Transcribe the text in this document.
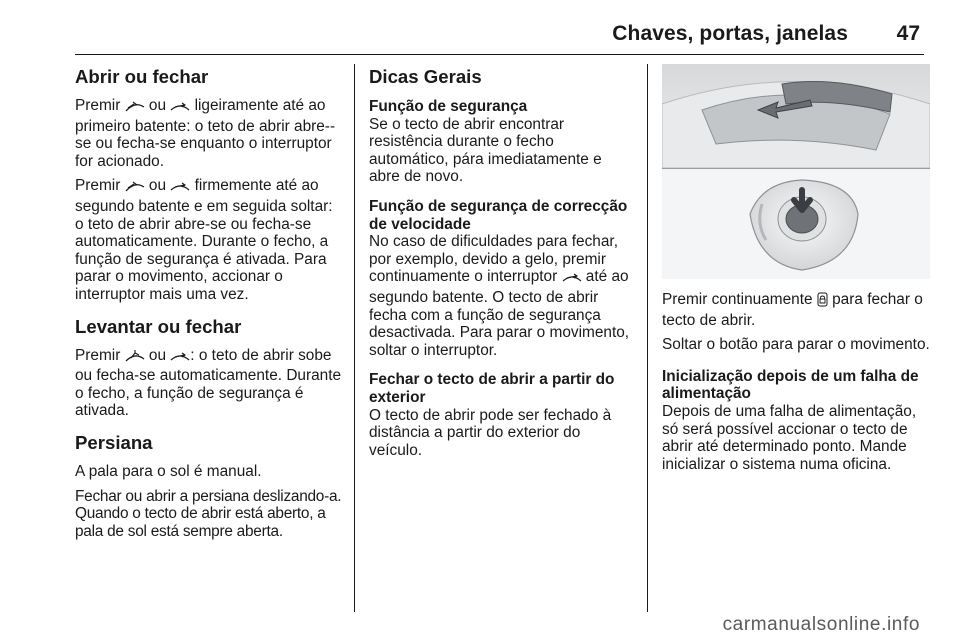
Chaves, portas, janelas 47
Abrir ou fechar

Premir ou ligeiramente até ao primeiro batente: o teto de abrir abre--se ou fecha-se enquanto o interruptor for acionado.

Premir ou firmemente até ao segundo batente e em seguida soltar: o teto de abrir abre-se ou fecha-se automaticamente. Durante o fecho, a função de segurança é ativada. Para parar o movimento, accionar o interruptor mais uma vez.

Levantar ou fechar

Premir ou : o teto de abrir sobe ou fecha-se automaticamente. Durante o fecho, a função de segurança é ativada.

Persiana

A pala para o sol é manual.

Fechar ou abrir a persiana deslizando-a. Quando o tecto de abrir está aberto, a pala de sol está sempre aberta.

Dicas Gerais
Função de segurança

Se o tecto de abrir encontrar resistência durante o fecho automático, pára imediatamente e abre de novo.

Função de segurança de correcção de velocidade

No caso de dificuldades para fechar, por exemplo, devido a gelo, premir continuamente o interruptor até ao segundo batente. O tecto de abrir fecha com a função de segurança desactivada. Para parar o movimento, soltar o interruptor.

Fechar o tecto de abrir a partir do exterior

O tecto de abrir pode ser fechado à distância a partir do exterior do veículo.

Premir continuamente para fechar o tecto de abrir.

Soltar o botão para parar o movimento.

Inicialização depois de um falha de alimentação

Depois de uma falha de alimentação, só será possível accionar o tecto de abrir até determinado ponto. Mande inicializar o sistema numa oficina.

carmanualsonline.info
